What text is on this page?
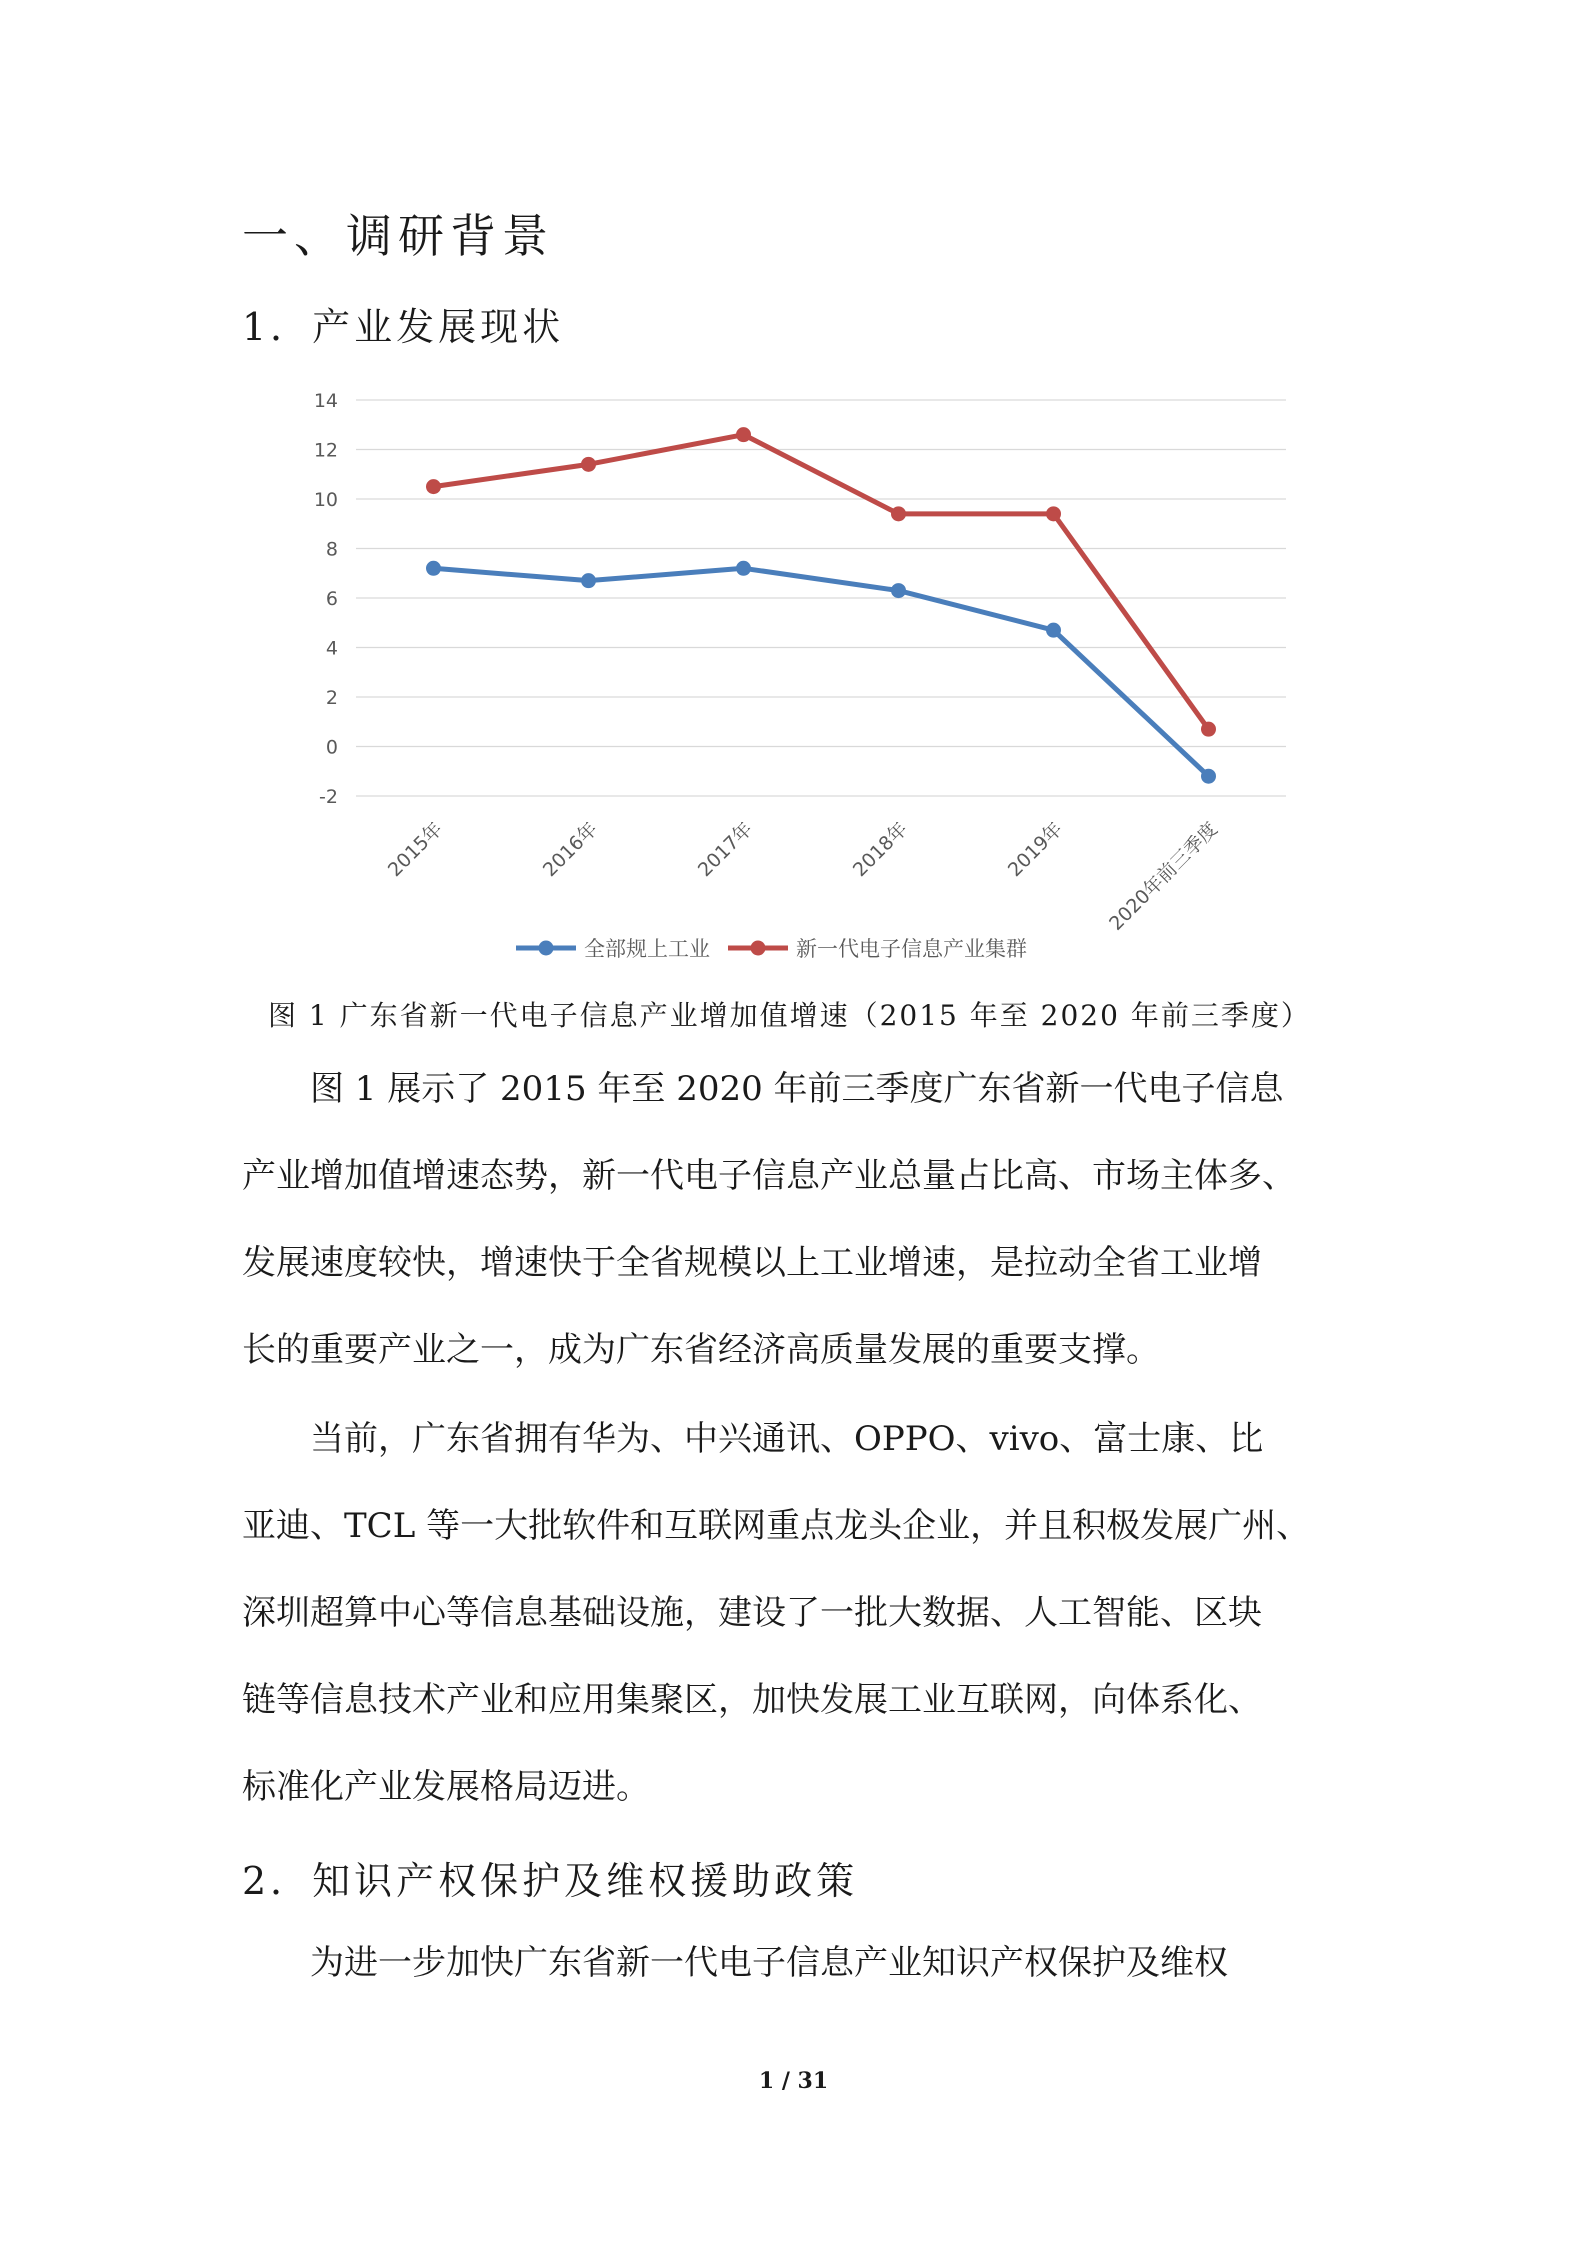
一、调研背景
1．产业发展现状
-2
0
2
4
6
8
10
12
14
2015年	2016年	2017年	2018年	2019年 2020年前三季度
全部规上工业	新一代电子信息产业集群
图 1 广东省新一代电子信息产业增加值增速（2015 年至 2020 年前三季度）
　　图 1 展示了 2015 年至 2020 年前三季度广东省新一代电子信息
产业增加值增速态势，新一代电子信息产业总量占比高、市场主体多、
发展速度较快，增速快于全省规模以上工业增速，是拉动全省工业增
长的重要产业之一，成为广东省经济高质量发展的重要支撑。
　　当前，广东省拥有华为、中兴通讯、OPPO、vivo、富士康、比
亚迪、TCL 等一大批软件和互联网重点龙头企业，并且积极发展广州、
深圳超算中心等信息基础设施，建设了一批大数据、人工智能、区块
链等信息技术产业和应用集聚区，加快发展工业互联网，向体系化、
标准化产业发展格局迈进。
2．知识产权保护及维权援助政策
　　为进一步加快广东省新一代电子信息产业知识产权保护及维权
1 / 31
